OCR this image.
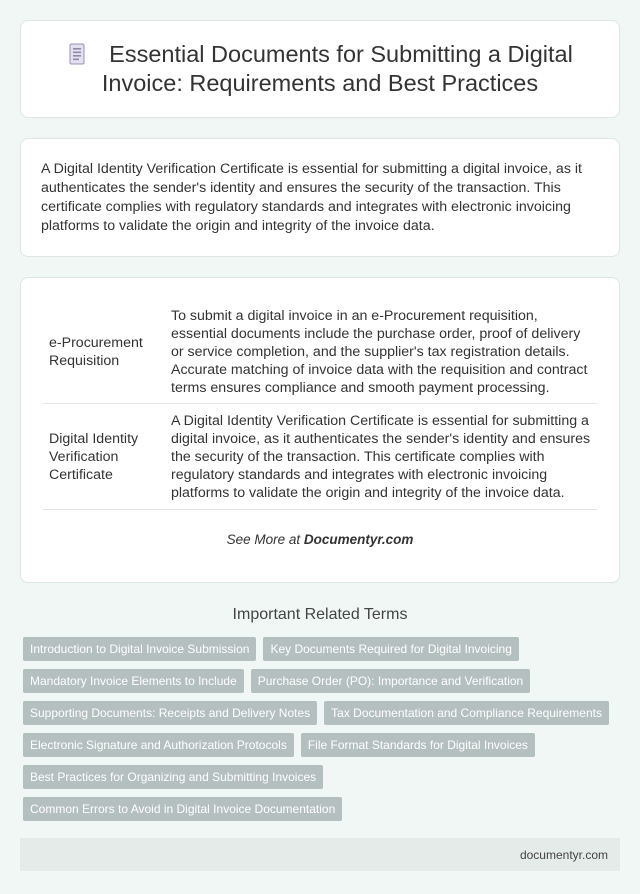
Essential Documents for Submitting a Digital Invoice: Requirements and Best Practices

A Digital Identity Verification Certificate is essential for submitting a digital invoice, as it authenticates the sender's identity and ensures the security of the transaction. This certificate complies with regulatory standards and integrates with electronic invoicing platforms to validate the origin and integrity of the invoice data.

e-Procurement Requisition	To submit a digital invoice in an e-Procurement requisition, essential documents include the purchase order, proof of delivery or service completion, and the supplier's tax registration details. Accurate matching of invoice data with the requisition and contract terms ensures compliance and smooth payment processing.
Digital Identity Verification Certificate	A Digital Identity Verification Certificate is essential for submitting a digital invoice, as it authenticates the sender's identity and ensures the security of the transaction. This certificate complies with regulatory standards and integrates with electronic invoicing platforms to validate the origin and integrity of the invoice data.
See More at Documentyr.com
Important Related Terms
Introduction to Digital Invoice Submission	Key Documents Required for Digital Invoicing
Mandatory Invoice Elements to Include	Purchase Order (PO): Importance and Verification
Supporting Documents: Receipts and Delivery Notes	Tax Documentation and Compliance Requirements
Electronic Signature and Authorization Protocols	File Format Standards for Digital Invoices
Best Practices for Organizing and Submitting Invoices
Common Errors to Avoid in Digital Invoice Documentation
documentyr.com
